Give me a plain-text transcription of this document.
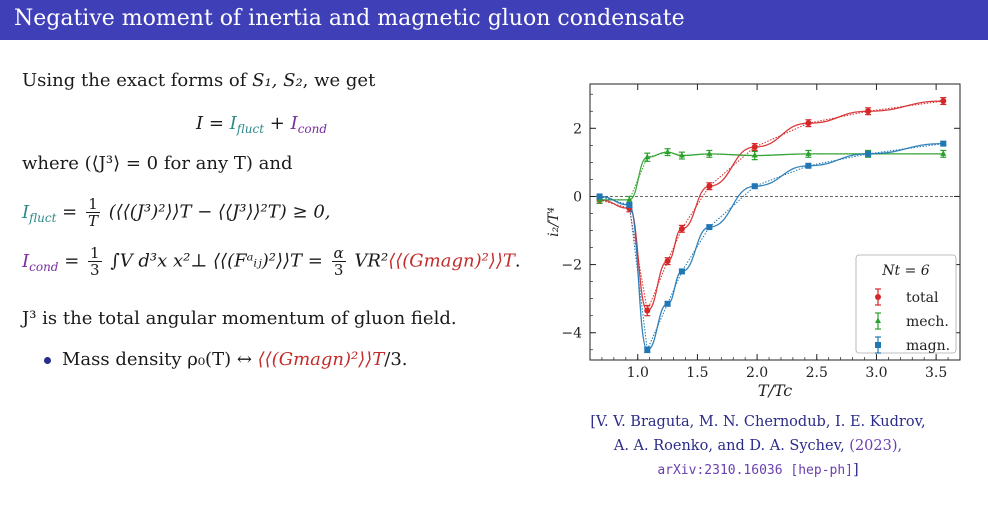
Negative moment of inertia and magnetic gluon condensate
Using the exact forms of S₁, S₂, we get
$I = I_{fluct} + I_{cond}$
where (⟨J³⟩ = 0 for any T) and
$I_{fluct} = \frac{1}{T}$ (⟨⟨(J³)²⟩⟩T − ⟨⟨J³⟩⟩²T) ≥ 0,
$I_{cond} = \frac{1}{3} \int V$ d³x x²⊥ ⟨⟨(Fᵃᵢⱼ)²⟩⟩T = $\frac{\alpha}{3}$ VR²⟨⟨(Gmagn)²⟩⟩T.
J³ is the total angular momentum of gluon field.
Mass density ρ₀(T) ↔ ⟨⟨(Gmagn)²⟩⟩T/3.
1.0	1.5	2.0	2.5	3.0	3.5
−4
−2
0
2
T/Tc
i₂/T⁴
Nt = 6
total
mech.
magn.
[V. V. Braguta, M. N. Chernodub, I. E. Kudrov,
A. A. Roenko, and D. A. Sychev, (2023),
arXiv:2310.16036 [hep-ph]]
